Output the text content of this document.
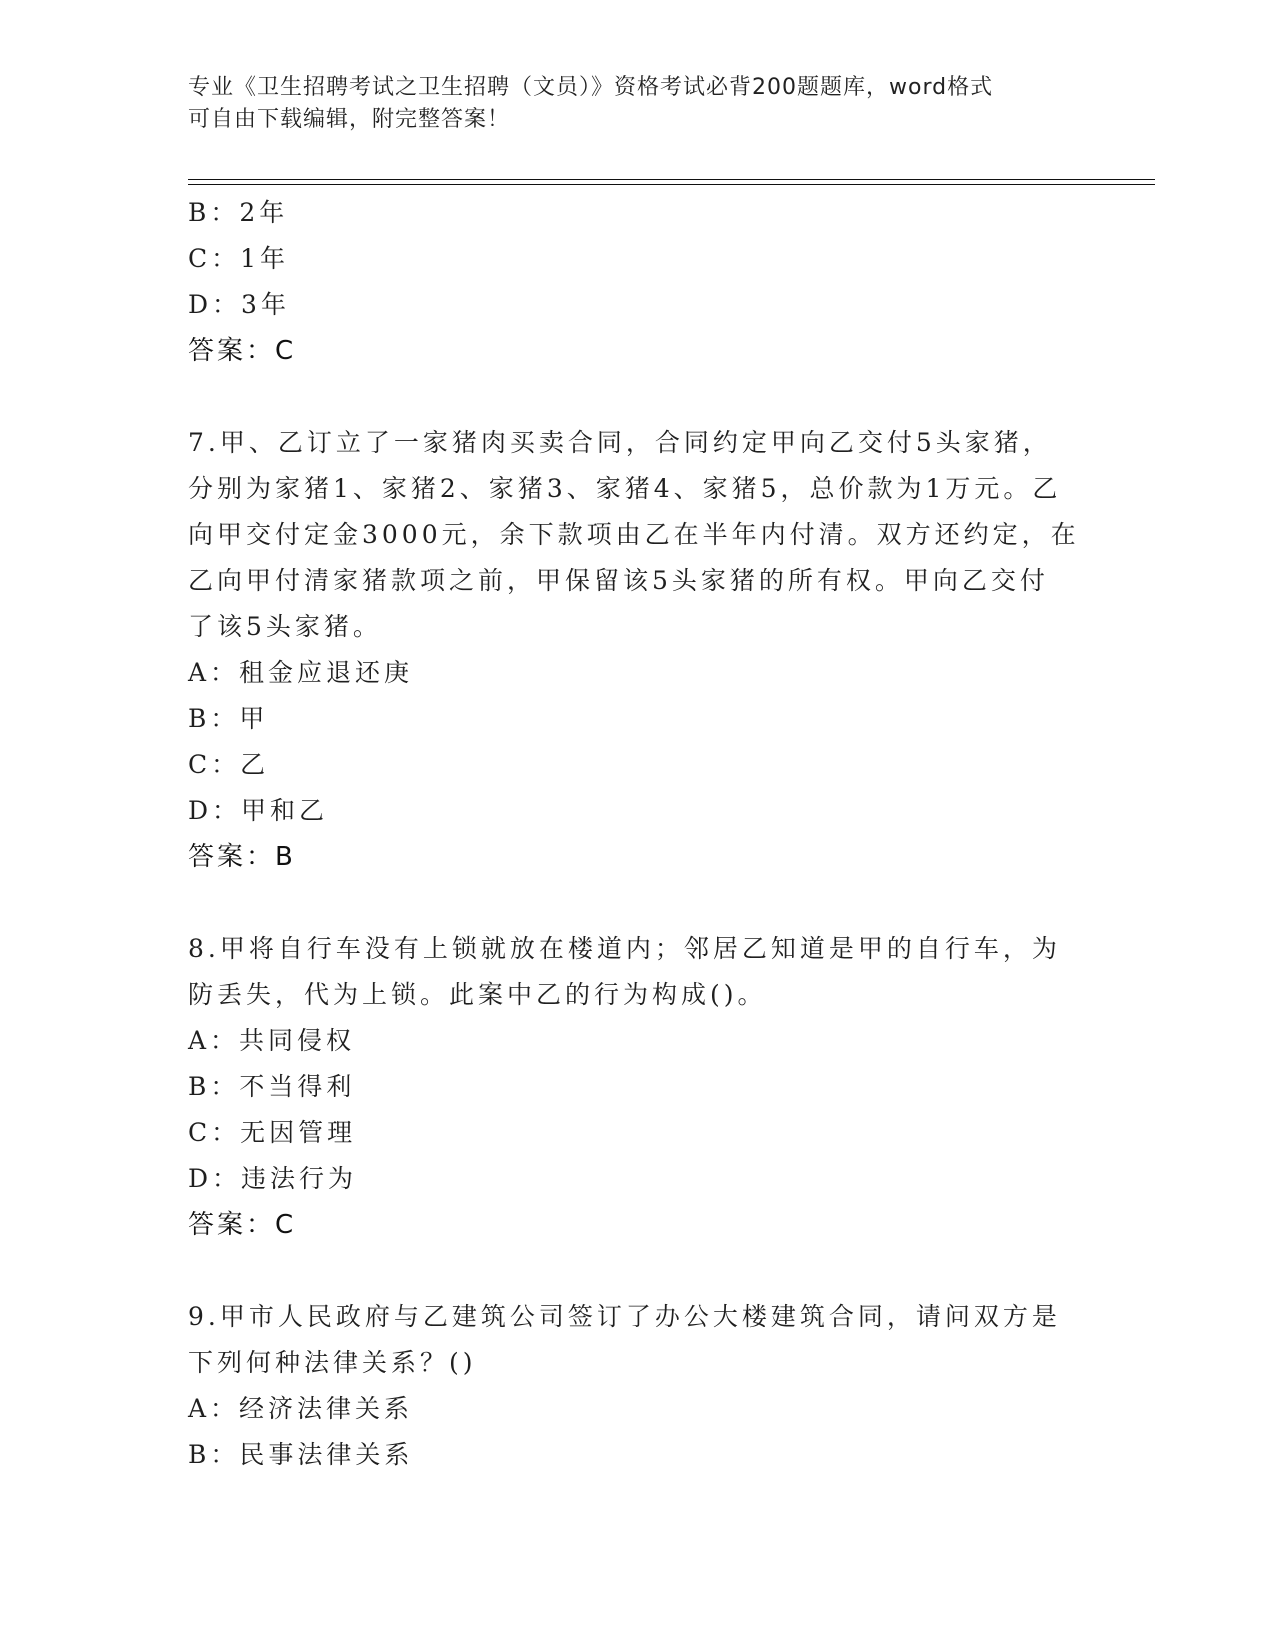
专业《卫生招聘考试之卫生招聘（文员）》资格考试必背200题题库，word格式
可自由下载编辑，附完整答案！
B：2年
C：1年
D：3年
答案：C
7.甲、乙订立了一家猪肉买卖合同，合同约定甲向乙交付5头家猪，
分别为家猪1、家猪2、家猪3、家猪4、家猪5，总价款为1万元。乙
向甲交付定金3000元，余下款项由乙在半年内付清。双方还约定，在
乙向甲付清家猪款项之前，甲保留该5头家猪的所有权。甲向乙交付
了该5头家猪。
A：租金应退还庚
B：甲
C：乙
D：甲和乙
答案：B
8.甲将自行车没有上锁就放在楼道内；邻居乙知道是甲的自行车，为
防丢失，代为上锁。此案中乙的行为构成()。
A：共同侵权
B：不当得利
C：无因管理
D：违法行为
答案：C
9.甲市人民政府与乙建筑公司签订了办公大楼建筑合同，请问双方是
下列何种法律关系？()
A：经济法律关系
B：民事法律关系
